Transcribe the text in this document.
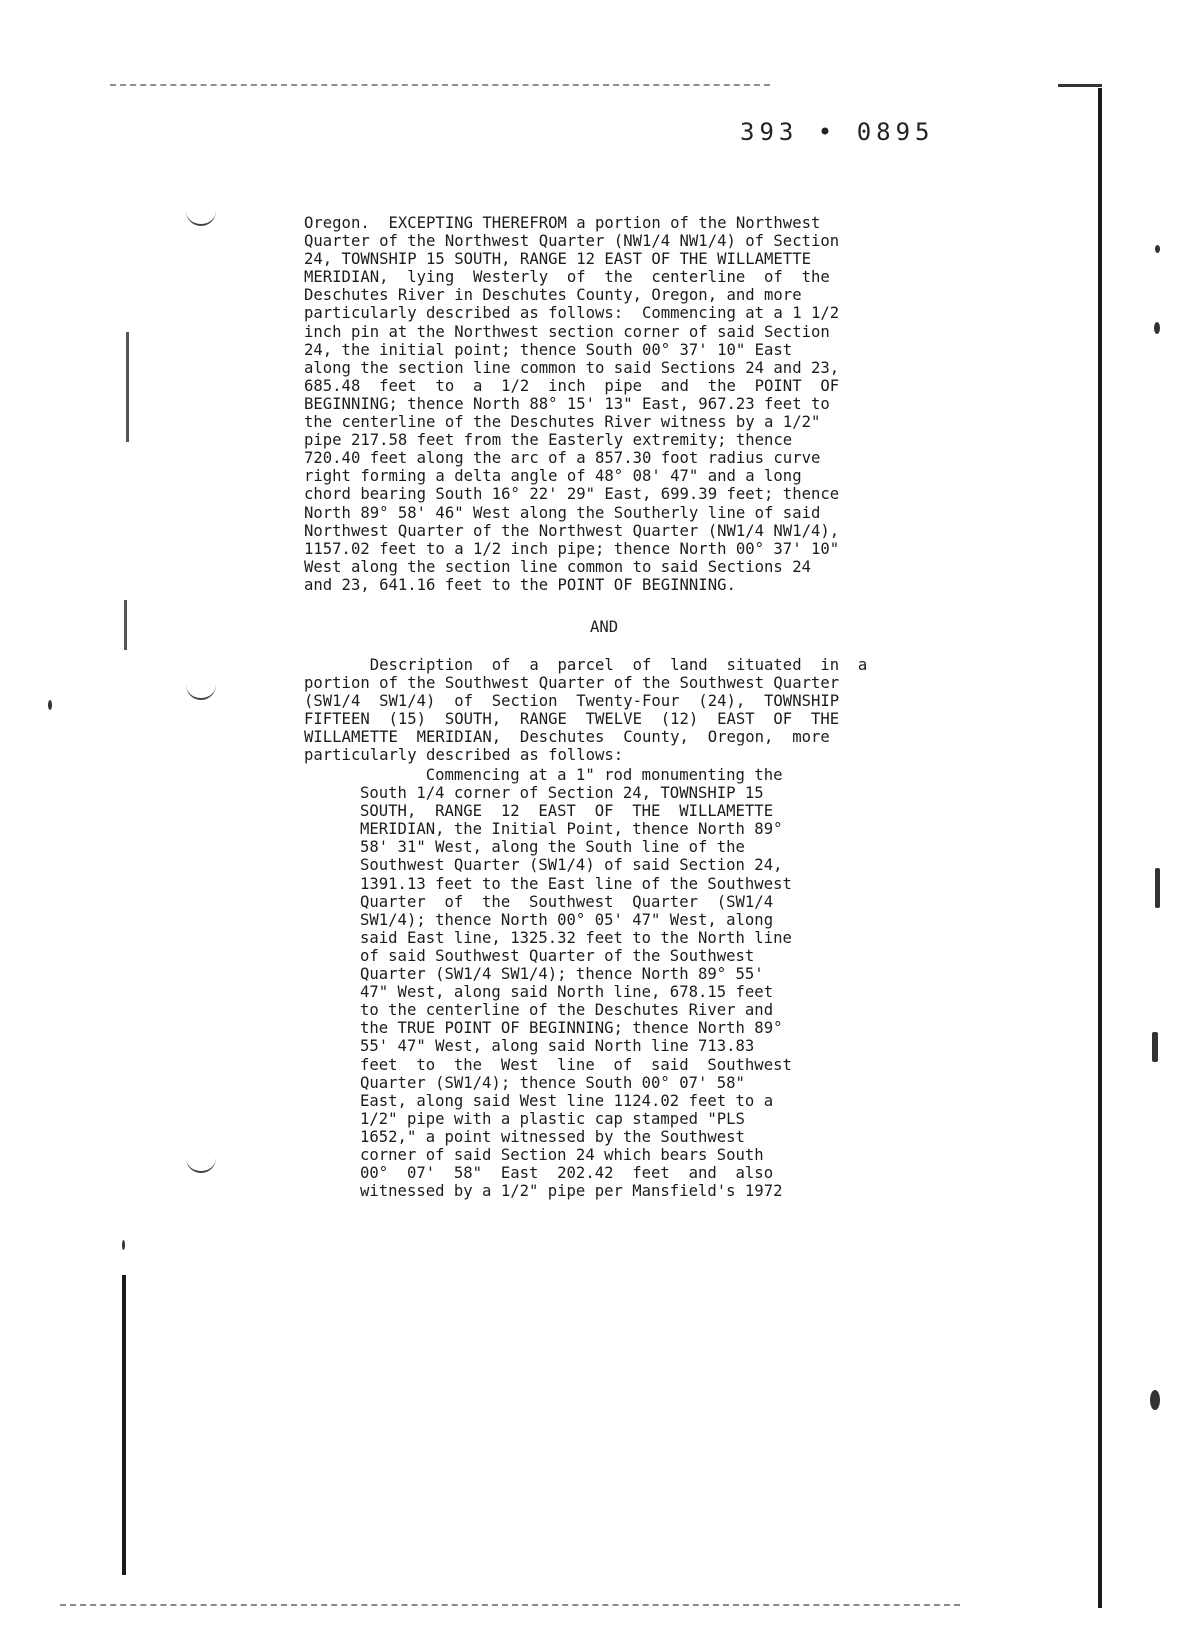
393 • 0895
Oregon.  EXCEPTING THEREFROM a portion of the Northwest
Quarter of the Northwest Quarter (NW1/4 NW1/4) of Section
24, TOWNSHIP 15 SOUTH, RANGE 12 EAST OF THE WILLAMETTE
MERIDIAN,  lying  Westerly  of  the  centerline  of  the
Deschutes River in Deschutes County, Oregon, and more
particularly described as follows:  Commencing at a 1 1/2
inch pin at the Northwest section corner of said Section
24, the initial point; thence South 00° 37' 10" East
along the section line common to said Sections 24 and 23,
685.48  feet  to  a  1/2  inch  pipe  and  the  POINT  OF
BEGINNING; thence North 88° 15' 13" East, 967.23 feet to
the centerline of the Deschutes River witness by a 1/2"
pipe 217.58 feet from the Easterly extremity; thence
720.40 feet along the arc of a 857.30 foot radius curve
right forming a delta angle of 48° 08' 47" and a long
chord bearing South 16° 22' 29" East, 699.39 feet; thence
North 89° 58' 46" West along the Southerly line of said
Northwest Quarter of the Northwest Quarter (NW1/4 NW1/4),
1157.02 feet to a 1/2 inch pipe; thence North 00° 37' 10"
West along the section line common to said Sections 24
and 23, 641.16 feet to the POINT OF BEGINNING.
AND
Description  of  a  parcel  of  land  situated  in  a
portion of the Southwest Quarter of the Southwest Quarter
(SW1/4  SW1/4)  of  Section  Twenty-Four  (24),  TOWNSHIP
FIFTEEN  (15)  SOUTH,  RANGE  TWELVE  (12)  EAST  OF  THE
WILLAMETTE  MERIDIAN,  Deschutes  County,  Oregon,  more
particularly described as follows:
Commencing at a 1" rod monumenting the
South 1/4 corner of Section 24, TOWNSHIP 15
SOUTH,  RANGE  12  EAST  OF  THE  WILLAMETTE
MERIDIAN, the Initial Point, thence North 89°
58' 31" West, along the South line of the
Southwest Quarter (SW1/4) of said Section 24,
1391.13 feet to the East line of the Southwest
Quarter  of  the  Southwest  Quarter  (SW1/4
SW1/4); thence North 00° 05' 47" West, along
said East line, 1325.32 feet to the North line
of said Southwest Quarter of the Southwest
Quarter (SW1/4 SW1/4); thence North 89° 55'
47" West, along said North line, 678.15 feet
to the centerline of the Deschutes River and
the TRUE POINT OF BEGINNING; thence North 89°
55' 47" West, along said North line 713.83
feet  to  the  West  line  of  said  Southwest
Quarter (SW1/4); thence South 00° 07' 58"
East, along said West line 1124.02 feet to a
1/2" pipe with a plastic cap stamped "PLS
1652," a point witnessed by the Southwest
corner of said Section 24 which bears South
00°  07'  58"  East  202.42  feet  and  also
witnessed by a 1/2" pipe per Mansfield's 1972
